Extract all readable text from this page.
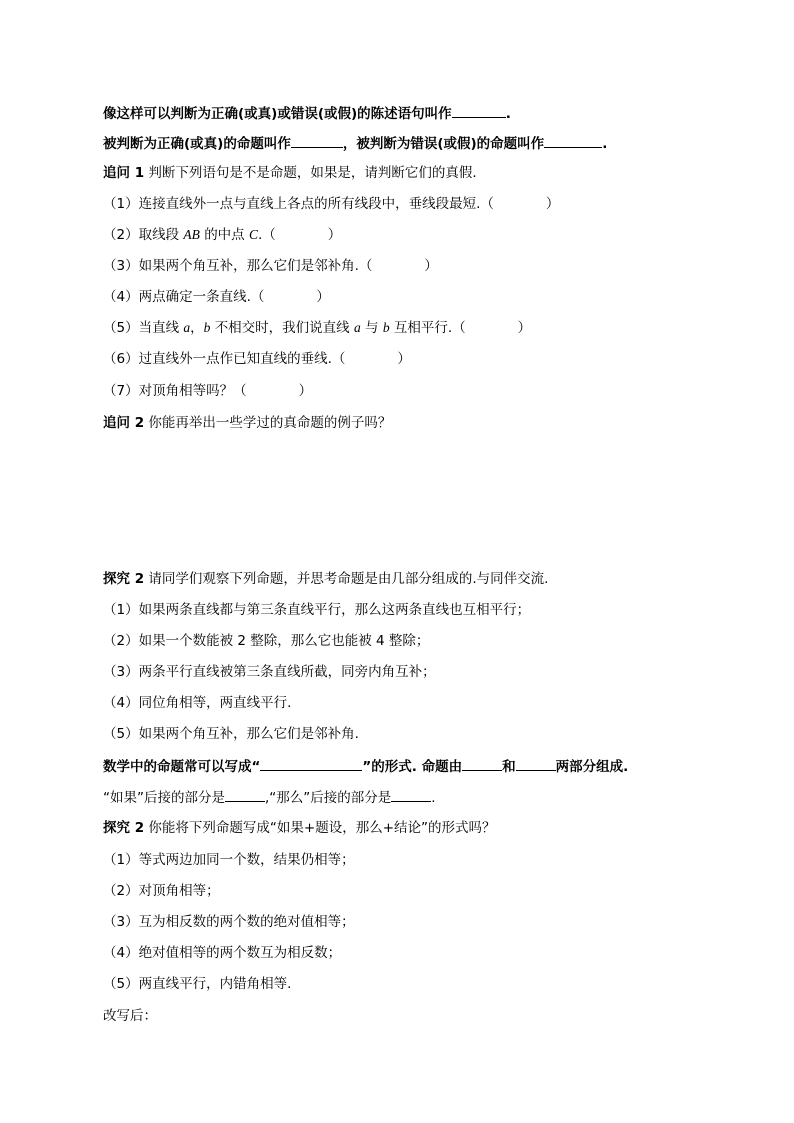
像这样可以判断为正确(或真)或错误(或假)的陈述语句叫作	.
被判断为正确(或真)的命题叫作	，被判断为错误(或假)的命题叫作	.
追问 1 判断下列语句是不是命题，如果是，请判断它们的真假.
（1）连接直线外一点与直线上各点的所有线段中，垂线段最短.（	）
（2）取线段 AB 的中点 C.（	）
（3）如果两个角互补，那么它们是邻补角.（	）
（4）两点确定一条直线.（	）
（5）当直线 a，b 不相交时，我们说直线 a 与 b 互相平行.（	）
（6）过直线外一点作已知直线的垂线.（	）
（7）对顶角相等吗？（	）
追问 2 你能再举出一些学过的真命题的例子吗？
探究 2 请同学们观察下列命题，并思考命题是由几部分组成的.与同伴交流.
（1）如果两条直线都与第三条直线平行，那么这两条直线也互相平行；
（2）如果一个数能被 2 整除，那么它也能被 4 整除；
（3）两条平行直线被第三条直线所截，同旁内角互补；
（4）同位角相等，两直线平行.
（5）如果两个角互补，那么它们是邻补角.
数学中的命题常可以写成“	”的形式. 命题由	和	两部分组成.
“如果”后接的部分是	,“那么”后接的部分是	.
探究 2 你能将下列命题写成“如果+题设，那么+结论”的形式吗？
（1）等式两边加同一个数，结果仍相等；
（2）对顶角相等；
（3）互为相反数的两个数的绝对值相等；
（4）绝对值相等的两个数互为相反数；
（5）两直线平行，内错角相等.
改写后：
